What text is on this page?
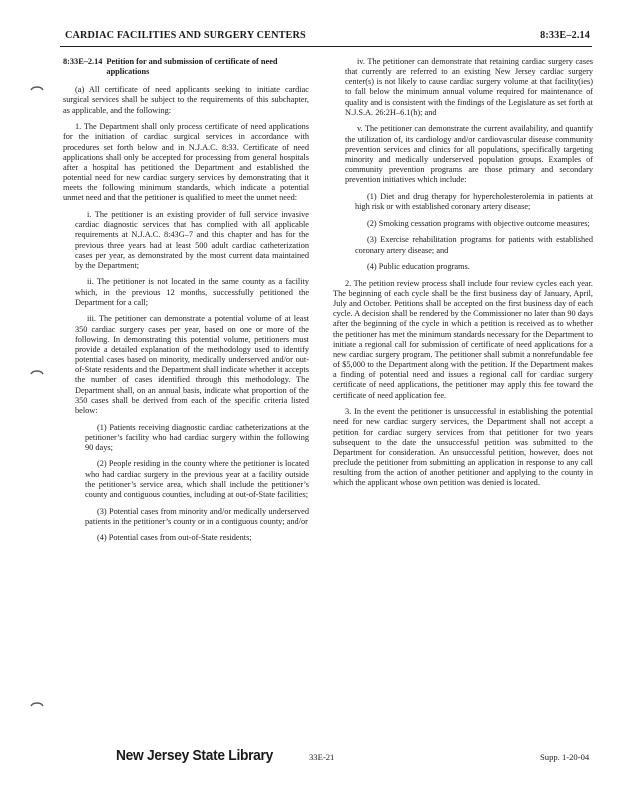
CARDIAC FACILITIES AND SURGERY CENTERS	8:33E–2.14
8:33E–2.14 Petition for and submission of certificate of need applications

(a) All certificate of need applicants seeking to initiate cardiac surgical services shall be subject to the requirements of this subchapter, as applicable, and the following:

1. The Department shall only process certificate of need applications for the initiation of cardiac surgical services in accordance with procedures set forth below and in N.J.A.C. 8:33. Certificate of need applications shall only be accepted for processing from general hospitals after a hospital has petitioned the Department and established the potential need for new cardiac surgery services by demonstrating that it meets the following minimum standards, which indicate a potential unmet need and that the petitioner is qualified to meet the unmet need:

i. The petitioner is an existing provider of full service invasive cardiac diagnostic services that has complied with all applicable requirements at N.J.A.C. 8:43G–7 and this chapter and has for the previous three years had at least 500 adult cardiac catheterization cases per year, as demonstrated by the most current data maintained by the Department;

ii. The petitioner is not located in the same county as a facility which, in the previous 12 months, successfully petitioned the Department for a call;

iii. The petitioner can demonstrate a potential volume of at least 350 cardiac surgery cases per year, based on one or more of the following. In demonstrating this potential volume, petitioners must provide a detailed explanation of the methodology used to identify potential cases based on minority, medically underserved and/or out-of-State residents and the Department shall indicate whether it accepts the number of cases identified through this methodology. The Department shall, on an annual basis, indicate what proportion of the 350 cases shall be derived from each of the specific criteria listed below:

(1) Patients receiving diagnostic cardiac catheterizations at the petitioner’s facility who had cardiac surgery within the following 90 days;

(2) People residing in the county where the petitioner is located who had cardiac surgery in the previous year at a facility outside the petitioner’s service area, which shall include the petitioner’s county and contiguous counties, including at out-of-State facilities;

(3) Potential cases from minority and/or medically underserved patients in the petitioner’s county or in a contiguous county; and/or

(4) Potential cases from out-of-State residents;

iv. The petitioner can demonstrate that retaining cardiac surgery cases that currently are referred to an existing New Jersey cardiac surgery center(s) is not likely to cause cardiac surgery volume at that facility(ies) to fall below the minimum annual volume required for maintenance of quality and is consistent with the findings of the Legislature as set forth at N.J.S.A. 26:2H–6.1(h); and

v. The petitioner can demonstrate the current availability, and quantify the utilization of, its cardiology and/or cardiovascular disease community prevention services and clinics for all populations, specifically targeting minority and medically underserved population groups. Examples of community prevention programs are those primary and secondary prevention initiatives which include:

(1) Diet and drug therapy for hypercholesterolemia in patients at high risk or with established coronary artery disease;

(2) Smoking cessation programs with objective outcome measures;

(3) Exercise rehabilitation programs for patients with established coronary artery disease; and

(4) Public education programs.

2. The petition review process shall include four review cycles each year. The beginning of each cycle shall be the first business day of January, April, July and October. Petitions shall be accepted on the first business day of each cycle. A decision shall be rendered by the Commissioner no later than 90 days after the beginning of the cycle in which a petition is received as to whether the petitioner has met the minimum standards necessary for the Department to initiate a regional call for submission of certificate of need applications for a new cardiac surgery program. The petitioner shall submit a nonrefundable fee of $5,000 to the Department along with the petition. If the Department makes a finding of potential need and issues a regional call for cardiac surgery certificate of need applications, the petitioner may apply this fee toward the certificate of need application fee.

3. In the event the petitioner is unsuccessful in establishing the potential need for new cardiac surgery services, the Department shall not accept a petition for cardiac surgery services from that petitioner for two years subsequent to the date the unsuccessful petition was submitted to the Department for consideration. An unsuccessful petition, however, does not preclude the petitioner from submitting an application in response to any call resulting from the action of another petitioner and applying to the county in which the applicant whose own petition was denied is located.

New Jersey State Library	33E-21	Supp. 1-20-04
